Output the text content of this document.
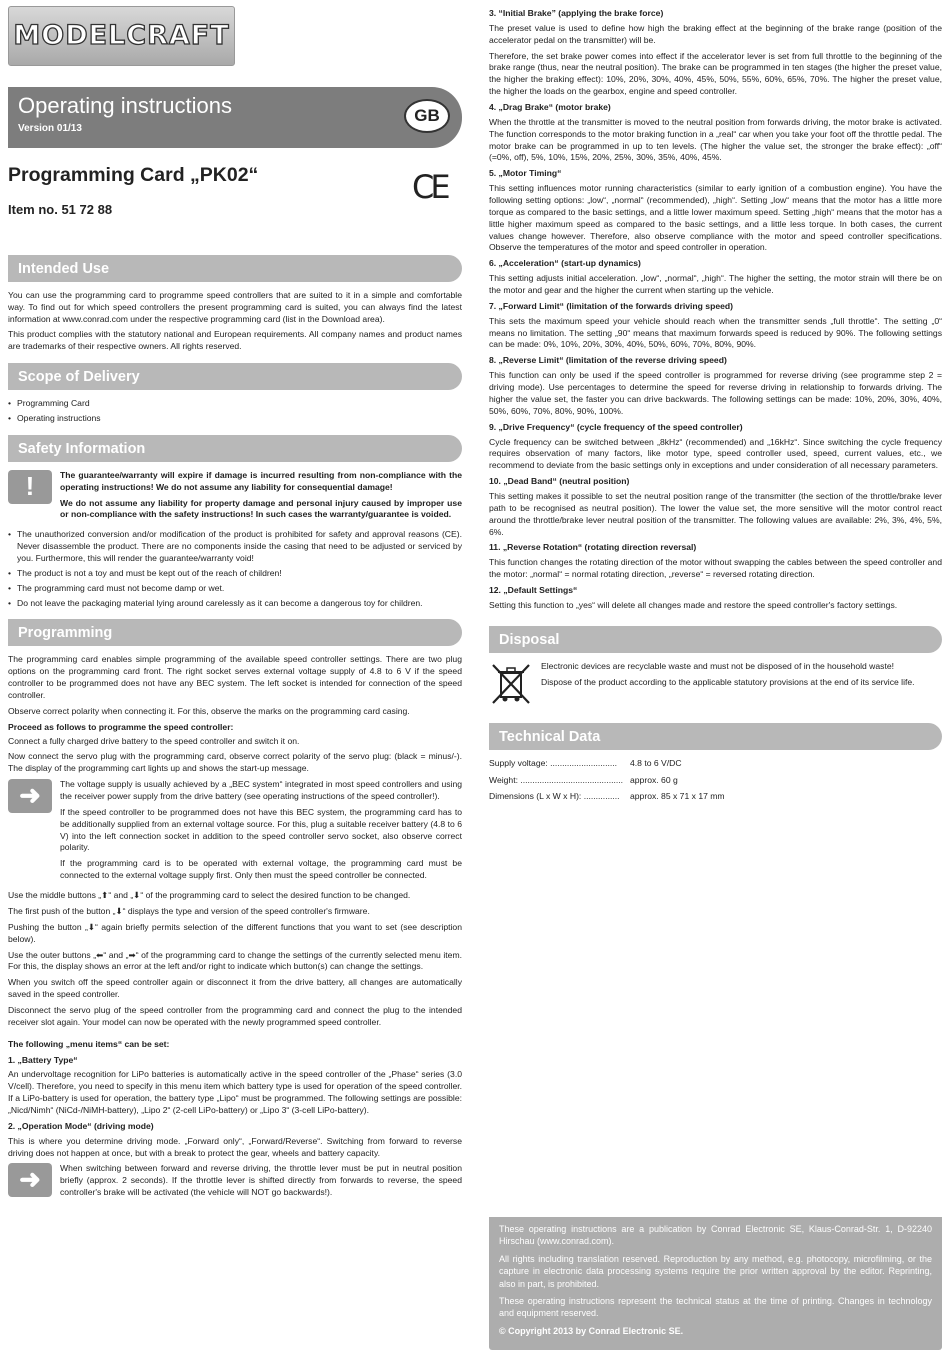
MODELCRAFT
Operating instructions
Version 01/13
GB
Programming Card „PK02“
Item no. 51 72 88
Intended Use

You can use the programming card to programme speed controllers that are suited to it in a simple and comfortable way. To find out for which speed controllers the present programming card is suited, you can always find the latest information at www.conrad.com under the respective programming card (list in the Download area).

This product complies with the statutory national and European requirements. All company names and product names are trademarks of their respective owners. All rights reserved.

Scope of Delivery
• Programming Card
• Operating instructions
Safety Information
!	The guarantee/warranty will expire if damage is incurred resulting from non-compliance with the operating instructions! We do not assume any liability for consequential damage!

We do not assume any liability for property damage and personal injury caused by improper use or non-compliance with the safety instructions! In such cases the warranty/guarantee is voided.

• The unauthorized conversion and/or modification of the product is prohibited for safety and approval reasons (CE). Never disassemble the product. There are no components inside the casing that need to be adjusted or serviced by you. Furthermore, this will render the guarantee/warranty void!
• The product is not a toy and must be kept out of the reach of children!
• The programming card must not become damp or wet.
• Do not leave the packaging material lying around carelessly as it can become a dangerous toy for children.
Programming

The programming card enables simple programming of the available speed controller settings. There are two plug options on the programming card front. The right socket serves external voltage supply of 4.8 to 6 V if the speed controller to be programmed does not have any BEC system. The left socket is intended for connection of the speed controller.

Observe correct polarity when connecting it. For this, observe the marks on the programming card casing.

Proceed as follows to programme the speed controller:

Connect a fully charged drive battery to the speed controller and switch it on.

Now connect the servo plug with the programming card, observe correct polarity of the servo plug: (black = minus/-). The display of the programming cart lights up and shows the start-up message.

➜	The voltage supply is usually achieved by a „BEC system“ integrated in most speed controllers and using the receiver power supply from the drive battery (see operating instructions of the speed controller!).

If the speed controller to be programmed does not have this BEC system, the programming card has to be additionally supplied from an external voltage source. For this, plug a suitable receiver battery (4.8 to 6 V) into the left connection socket in addition to the speed controller servo socket, also observe correct polarity.

If the programming card is to be operated with external voltage, the programming card must be connected to the external voltage supply first. Only then must the speed controller be connected.

Use the middle buttons „⬆“ and „⬇“ of the programming card to select the desired function to be changed.

The first push of the button „⬇“ displays the type and version of the speed controller's firmware.

Pushing the button „⬇“ again briefly permits selection of the different functions that you want to set (see description below).

Use the outer buttons „⬅“ and „➡“ of the programming card to change the settings of the currently selected menu item. For this, the display shows an error at the left and/or right to indicate which button(s) can change the settings.

When you switch off the speed controller again or disconnect it from the drive battery, all changes are automatically saved in the speed controller.

Disconnect the servo plug of the speed controller from the programming card and connect the plug to the intended receiver slot again. Your model can now be operated with the newly programmed speed controller.

The following „menu items“ can be set:

1. „Battery Type“

An undervoltage recognition for LiPo batteries is automatically active in the speed controller of the „Phase“ series (3.0 V/cell). Therefore, you need to specify in this menu item which battery type is used for operation of the speed controller. If a LiPo-battery is used for operation, the battery type „Lipo“ must be programmed. The following settings are possible: „Nicd/Nimh“ (NiCd-/NiMH-battery), „Lipo 2“ (2-cell LiPo-battery) or „Lipo 3“ (3-cell LiPo-battery).

2. „Operation Mode“ (driving mode)

This is where you determine driving mode. „Forward only“, „Forward/Reverse“. Switching from forward to reverse driving does not happen at once, but with a break to protect the gear, wheels and battery capacity.

➜	When switching between forward and reverse driving, the throttle lever must be put in neutral position briefly (approx. 2 seconds). If the throttle lever is shifted directly from forwards to reverse, the speed controller's brake will be activated (the vehicle will NOT go backwards!).

CE
3. “Initial Brake” (applying the brake force)

The preset value is used to define how high the braking effect at the beginning of the brake range (position of the accelerator pedal on the transmitter) will be.

Therefore, the set brake power comes into effect if the accelerator lever is set from full throttle to the beginning of the brake range (thus, near the neutral position). The brake can be programmed in ten stages (the higher the preset value, the higher the braking effect): 10%, 20%, 30%, 40%, 45%, 50%, 55%, 60%, 65%, 70%. The higher the preset value, the higher the loads on the gearbox, engine and speed controller.

4. „Drag Brake“ (motor brake)

When the throttle at the transmitter is moved to the neutral position from forwards driving, the motor brake is activated. The function corresponds to the motor braking function in a „real“ car when you take your foot off the throttle pedal. The motor brake can be programmed in up to ten levels. (The higher the value set, the stronger the brake effect): „off“ (=0%, off), 5%, 10%, 15%, 20%, 25%, 30%, 35%, 40%, 45%.

5. „Motor Timing“

This setting influences motor running characteristics (similar to early ignition of a combustion engine). You have the following setting options: „low“, „normal“ (recommended), „high“. Setting „low“ means that the motor has a little more torque as compared to the basic settings, and a little lower maximum speed. Setting „high“ means that the motor has a little higher maximum speed as compared to the basic settings, and a little less torque. In both cases, the current values change however. Therefore, also observe compliance with the motor and speed controller specifications. Observe the temperatures of the motor and speed controller in operation.

6. „Acceleration“ (start-up dynamics)

This setting adjusts initial acceleration. „low“, „normal“, „high“. The higher the setting, the motor strain will there be on the motor and gear and the higher the current when starting up the vehicle.

7. „Forward Limit“ (limitation of the forwards driving speed)

This sets the maximum speed your vehicle should reach when the transmitter sends „full throttle“. The setting „0“ means no limitation. The setting „90“ means that maximum forwards speed is reduced by 90%. The following settings can be made: 0%, 10%, 20%, 30%, 40%, 50%, 60%, 70%, 80%, 90%.

8. „Reverse Limit“ (limitation of the reverse driving speed)

This function can only be used if the speed controller is programmed for reverse driving (see programme step 2 = driving mode). Use percentages to determine the speed for reverse driving in relationship to forwards driving. The higher the value set, the faster you can drive backwards. The following settings can be made: 10%, 20%, 30%, 40%, 50%, 60%, 70%, 80%, 90%, 100%.

9. „Drive Frequency“ (cycle frequency of the speed controller)

Cycle frequency can be switched between „8kHz“ (recommended) and „16kHz“. Since switching the cycle frequency requires observation of many factors, like motor type, speed controller used, speed, current values, etc., we recommend to deviate from the basic settings only in exceptions and under consideration of all necessary parameters.

10. „Dead Band“ (neutral position)

This setting makes it possible to set the neutral position range of the transmitter (the section of the throttle/brake lever path to be recognised as neutral position). The lower the value set, the more sensitive will the motor control react around the throttle/brake lever neutral position of the transmitter. The following values are available: 2%, 3%, 4%, 5%, 6%.

11. „Reverse Rotation“ (rotating direction reversal)

This function changes the rotating direction of the motor without swapping the cables between the speed controller and the motor: „normal“ = normal rotating direction, „reverse“ = reversed rotating direction.

12. „Default Settings“

Setting this function to „yes“ will delete all changes made and restore the speed controller's factory settings.

Disposal

Electronic devices are recyclable waste and must not be disposed of in the household waste!

Dispose of the product according to the applicable statutory provisions at the end of its service life.

Technical Data
Supply voltage: ............................	4.8 to 6 V/DC
Weight: ........................................... approx. 60 g
Dimensions (L x W x H): ...............	approx. 85 x 71 x 17 mm

These operating instructions are a publication by Conrad Electronic SE, Klaus-Conrad-Str. 1, D-92240 Hirschau (www.conrad.com).

All rights including translation reserved. Reproduction by any method, e.g. photocopy, microfilming, or the capture in electronic data processing systems require the prior written approval by the editor. Reprinting, also in part, is prohibited.

These operating instructions represent the technical status at the time of printing. Changes in technology and equipment reserved.

© Copyright 2013 by Conrad Electronic SE.
